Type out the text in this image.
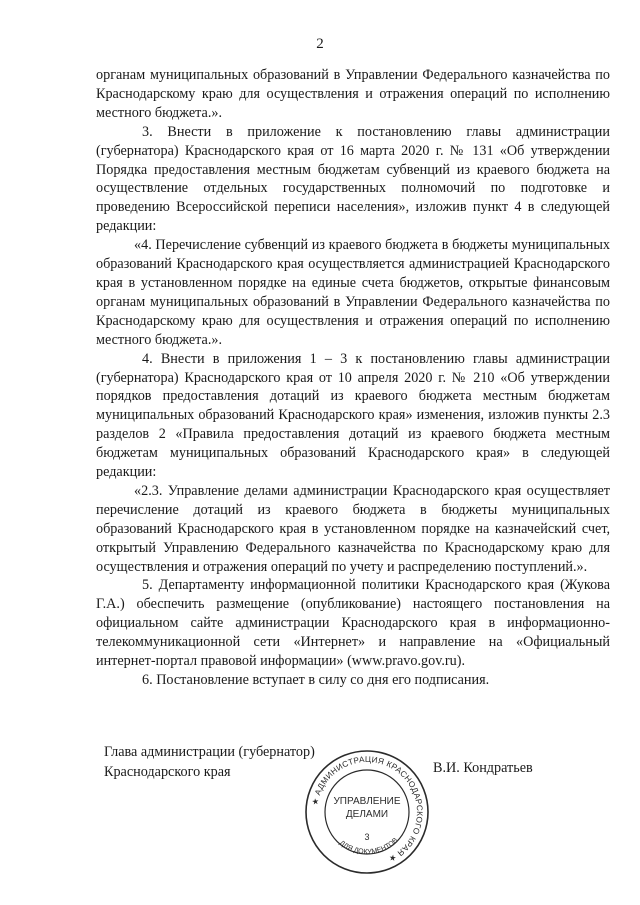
2

органам муниципальных образований в Управлении Федерального казначейства по Краснодарскому краю для осуществления и отражения операций по исполнению местного бюджета.».

3. Внести в приложение к постановлению главы администрации (губернатора) Краснодарского края от 16 марта 2020 г. № 131 «Об утверждении Порядка предоставления местным бюджетам субвенций из краевого бюджета на осуществление отдельных государственных полномочий по подготовке и проведению Всероссийской переписи населения», изложив пункт 4 в следующей редакции:

«4. Перечисление субвенций из краевого бюджета в бюджеты муниципальных образований Краснодарского края осуществляется администрацией Краснодарского края в установленном порядке на единые счета бюджетов, открытые финансовым органам муниципальных образований в Управлении Федерального казначейства по Краснодарскому краю для осуществления и отражения операций по исполнению местного бюджета.».

4. Внести в приложения 1 – 3 к постановлению главы администрации (губернатора) Краснодарского края от 10 апреля 2020 г. № 210 «Об утверждении порядков предоставления дотаций из краевого бюджета местным бюджетам муниципальных образований Краснодарского края» изменения, изложив пункты 2.3 разделов 2 «Правила предоставления дотаций из краевого бюджета местным бюджетам муниципальных образований Краснодарского края» в следующей редакции:

«2.3. Управление делами администрации Краснодарского края осуществляет перечисление дотаций из краевого бюджета в бюджеты муниципальных образований Краснодарского края в установленном порядке на казначейский счет, открытый Управлению Федерального казначейства по Краснодарскому краю для осуществления и отражения операций по учету и распределению поступлений.».

5. Департаменту информационной политики Краснодарского края (Жукова Г.А.) обеспечить размещение (опубликование) настоящего постановления на официальном сайте администрации Краснодарского края в информационно-телекоммуникационной сети «Интернет» и направление на «Официальный интернет-портал правовой информации» (www.pravo.gov.ru).

6. Постановление вступает в силу со дня его подписания.

Глава администрации (губернатор)
Краснодарского края	В.И. Кондратьев
★ АДМИНИСТРАЦИЯ КРАСНОДАРСКОГО КРАЯ ★
ДЛЯ ДОКУМЕНТОВ
УПРАВЛЕНИЕ
ДЕЛАМИ
3
